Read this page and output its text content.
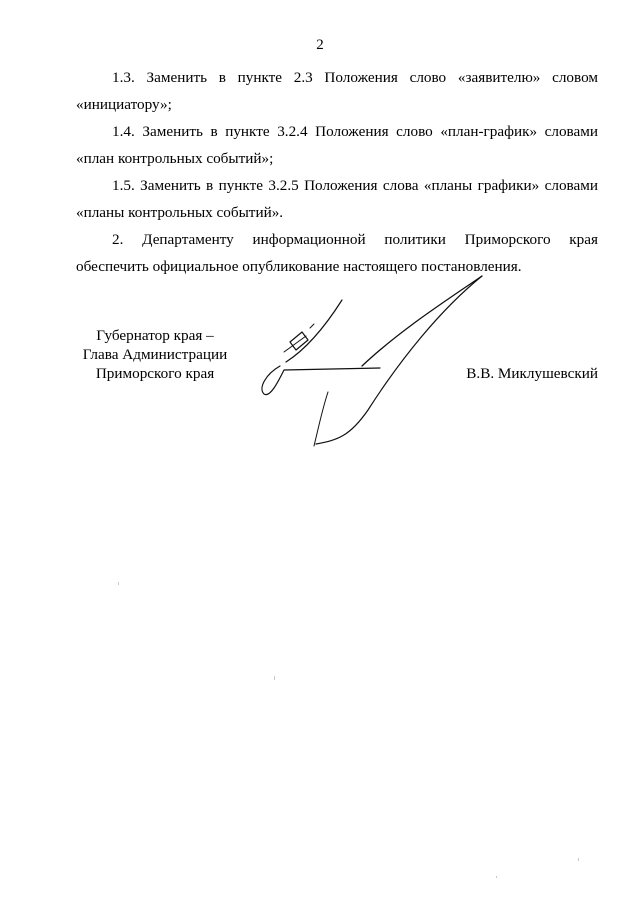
2

1.3. Заменить в пункте 2.3 Положения слово «заявителю» словом «инициатору»;

1.4. Заменить в пункте 3.2.4 Положения слово «план-график» словами «план контрольных событий»;

1.5. Заменить в пункте 3.2.5 Положения слова «планы графики» словами «планы контрольных событий».

2. Департаменту информационной политики Приморского края обеспечить официальное опубликование настоящего постановления.

Губернатор края –
Глава Администрации
Приморского края	В.В. Миклушевский
